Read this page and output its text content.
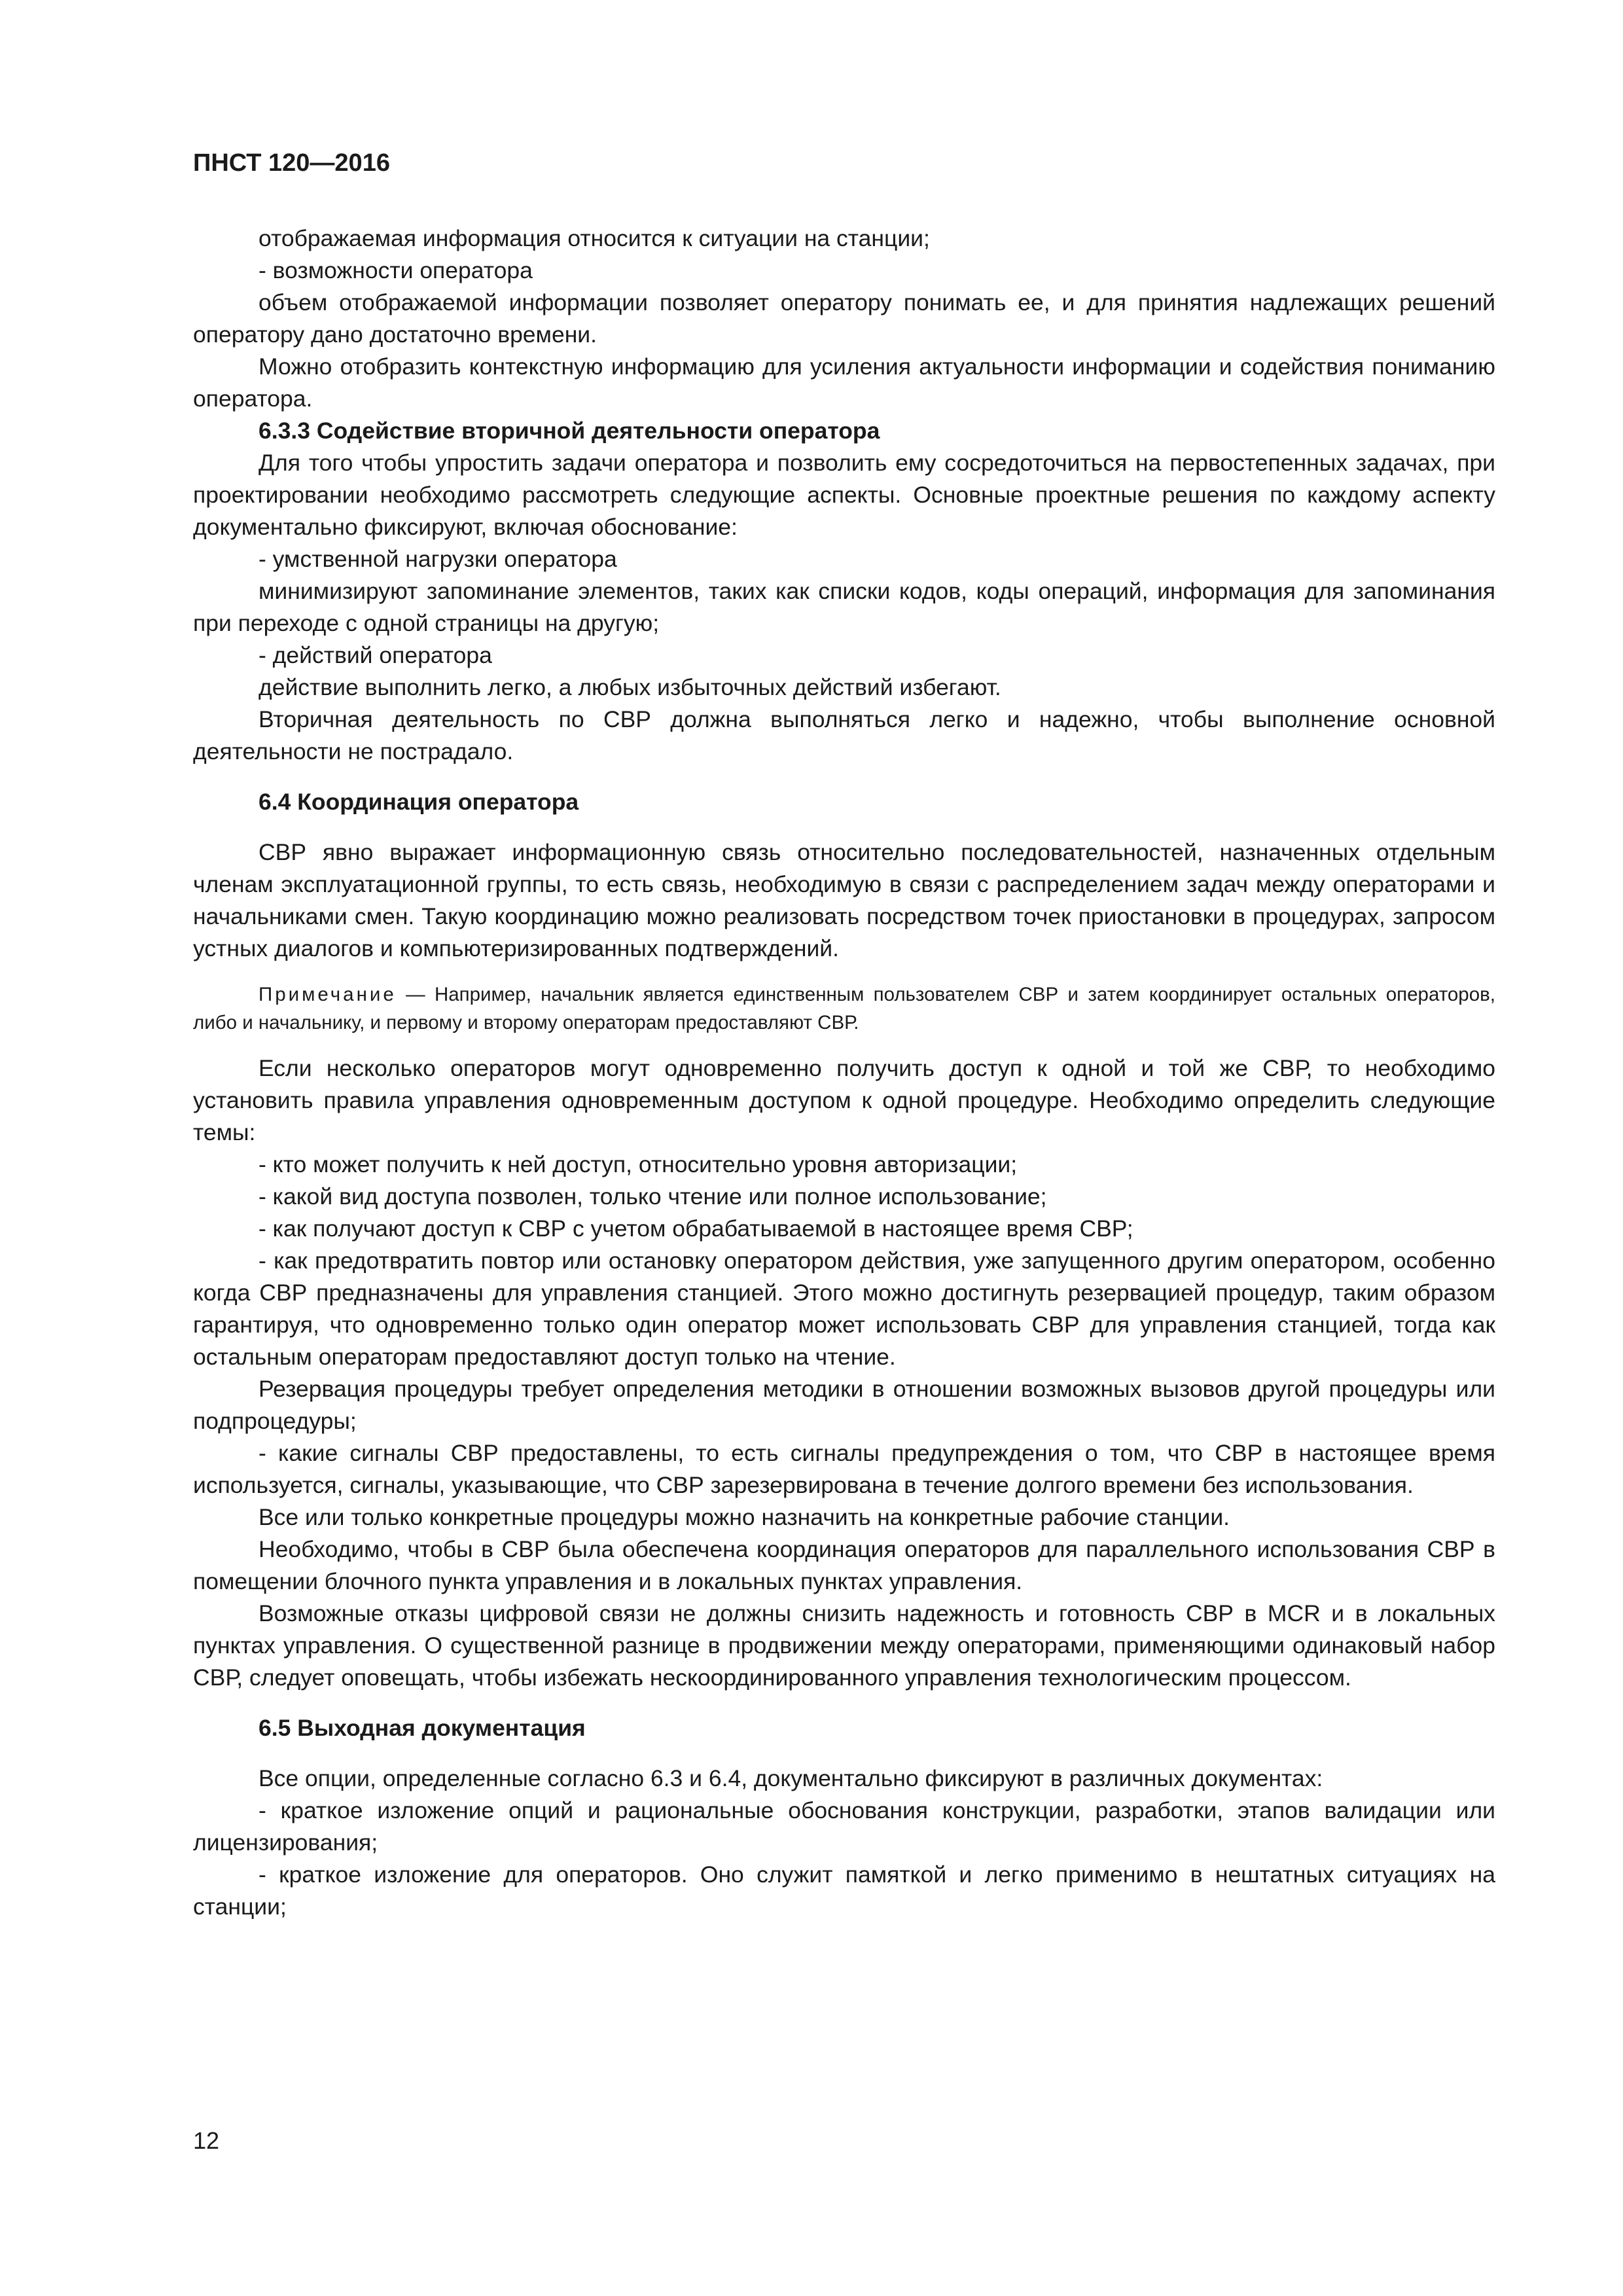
ПНСТ 120—2016

отображаемая информация относится к ситуации на станции;

- возможности оператора

объем отображаемой информации позволяет оператору понимать ее, и для принятия надлежащих решений оператору дано достаточно времени.

Можно отобразить контекстную информацию для усиления актуальности информации и содействия пониманию оператора.

6.3.3 Содействие вторичной деятельности оператора

Для того чтобы упростить задачи оператора и позволить ему сосредоточиться на первостепенных задачах, при проектировании необходимо рассмотреть следующие аспекты. Основные проектные решения по каждому аспекту документально фиксируют, включая обоснование:

- умственной нагрузки оператора

минимизируют запоминание элементов, таких как списки кодов, коды операций, информация для запоминания при переходе с одной страницы на другую;

- действий оператора

действие выполнить легко, а любых избыточных действий избегают.

Вторичная деятельность по СВР должна выполняться легко и надежно, чтобы выполнение основной деятельности не пострадало.

6.4 Координация оператора

СВР явно выражает информационную связь относительно последовательностей, назначенных отдельным членам эксплуатационной группы, то есть связь, необходимую в связи с распределением задач между операторами и начальниками смен. Такую координацию можно реализовать посредством точек приостановки в процедурах, запросом устных диалогов и компьютеризированных подтверждений.

Примечание — Например, начальник является единственным пользователем СВР и затем координирует остальных операторов, либо и начальнику, и первому и второму операторам предоставляют СВР.

Если несколько операторов могут одновременно получить доступ к одной и той же СВР, то необходимо установить правила управления одновременным доступом к одной процедуре. Необходимо определить следующие темы:

- кто может получить к ней доступ, относительно уровня авторизации;

- какой вид доступа позволен, только чтение или полное использование;

- как получают доступ к СВР с учетом обрабатываемой в настоящее время СВР;

- как предотвратить повтор или остановку оператором действия, уже запущенного другим оператором, особенно когда СВР предназначены для управления станцией. Этого можно достигнуть резервацией процедур, таким образом гарантируя, что одновременно только один оператор может использовать СВР для управления станцией, тогда как остальным операторам предоставляют доступ только на чтение.

Резервация процедуры требует определения методики в отношении возможных вызовов другой процедуры или подпроцедуры;

- какие сигналы СВР предоставлены, то есть сигналы предупреждения о том, что СВР в настоящее время используется, сигналы, указывающие, что СВР зарезервирована в течение долгого времени без использования.

Все или только конкретные процедуры можно назначить на конкретные рабочие станции.

Необходимо, чтобы в СВР была обеспечена координация операторов для параллельного использования СВР в помещении блочного пункта управления и в локальных пунктах управления.

Возможные отказы цифровой связи не должны снизить надежность и готовность СВР в MCR и в локальных пунктах управления. О существенной разнице в продвижении между операторами, применяющими одинаковый набор СВР, следует оповещать, чтобы избежать нескоординированного управления технологическим процессом.

6.5 Выходная документация

Все опции, определенные согласно 6.3 и 6.4, документально фиксируют в различных документах:

- краткое изложение опций и рациональные обоснования конструкции, разработки, этапов валидации или лицензирования;

- краткое изложение для операторов. Оно служит памяткой и легко применимо в нештатных ситуациях на станции;

12
